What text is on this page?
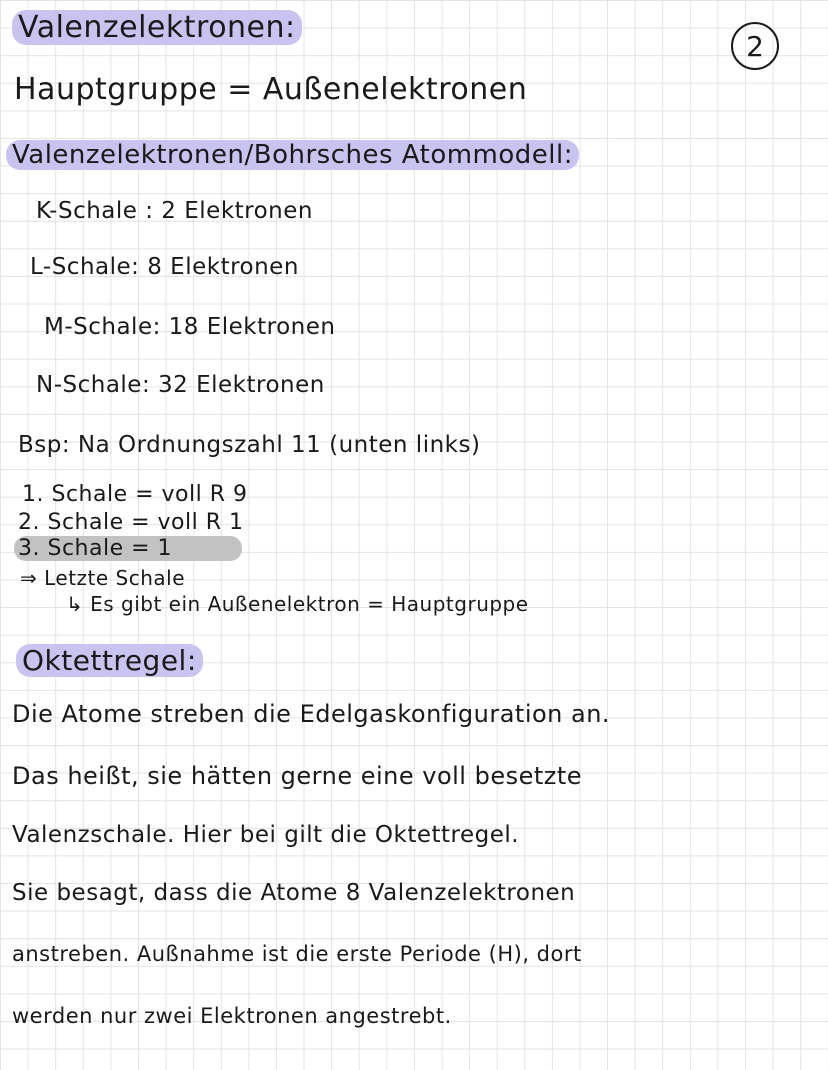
2
Valenzelektronen:
Hauptgruppe = Außenelektronen
Valenzelektronen/Bohrsches Atommodell:
K-Schale : 2 Elektronen
L-Schale: 8 Elektronen
M-Schale: 18 Elektronen
N-Schale: 32 Elektronen
Bsp: Na Ordnungszahl 11 (unten links)
1. Schale = voll R 9
2. Schale = voll R 1
3. Schale = 1
⇒ Letzte Schale
↳ Es gibt ein Außenelektron = Hauptgruppe
Oktettregel:
Die Atome streben die Edelgaskonfiguration an.
Das heißt, sie hätten gerne eine voll besetzte
Valenzschale. Hier bei gilt die Oktettregel.
Sie besagt, dass die Atome 8 Valenzelektronen
anstreben. Außnahme ist die erste Periode (H), dort
werden nur zwei Elektronen angestrebt.
